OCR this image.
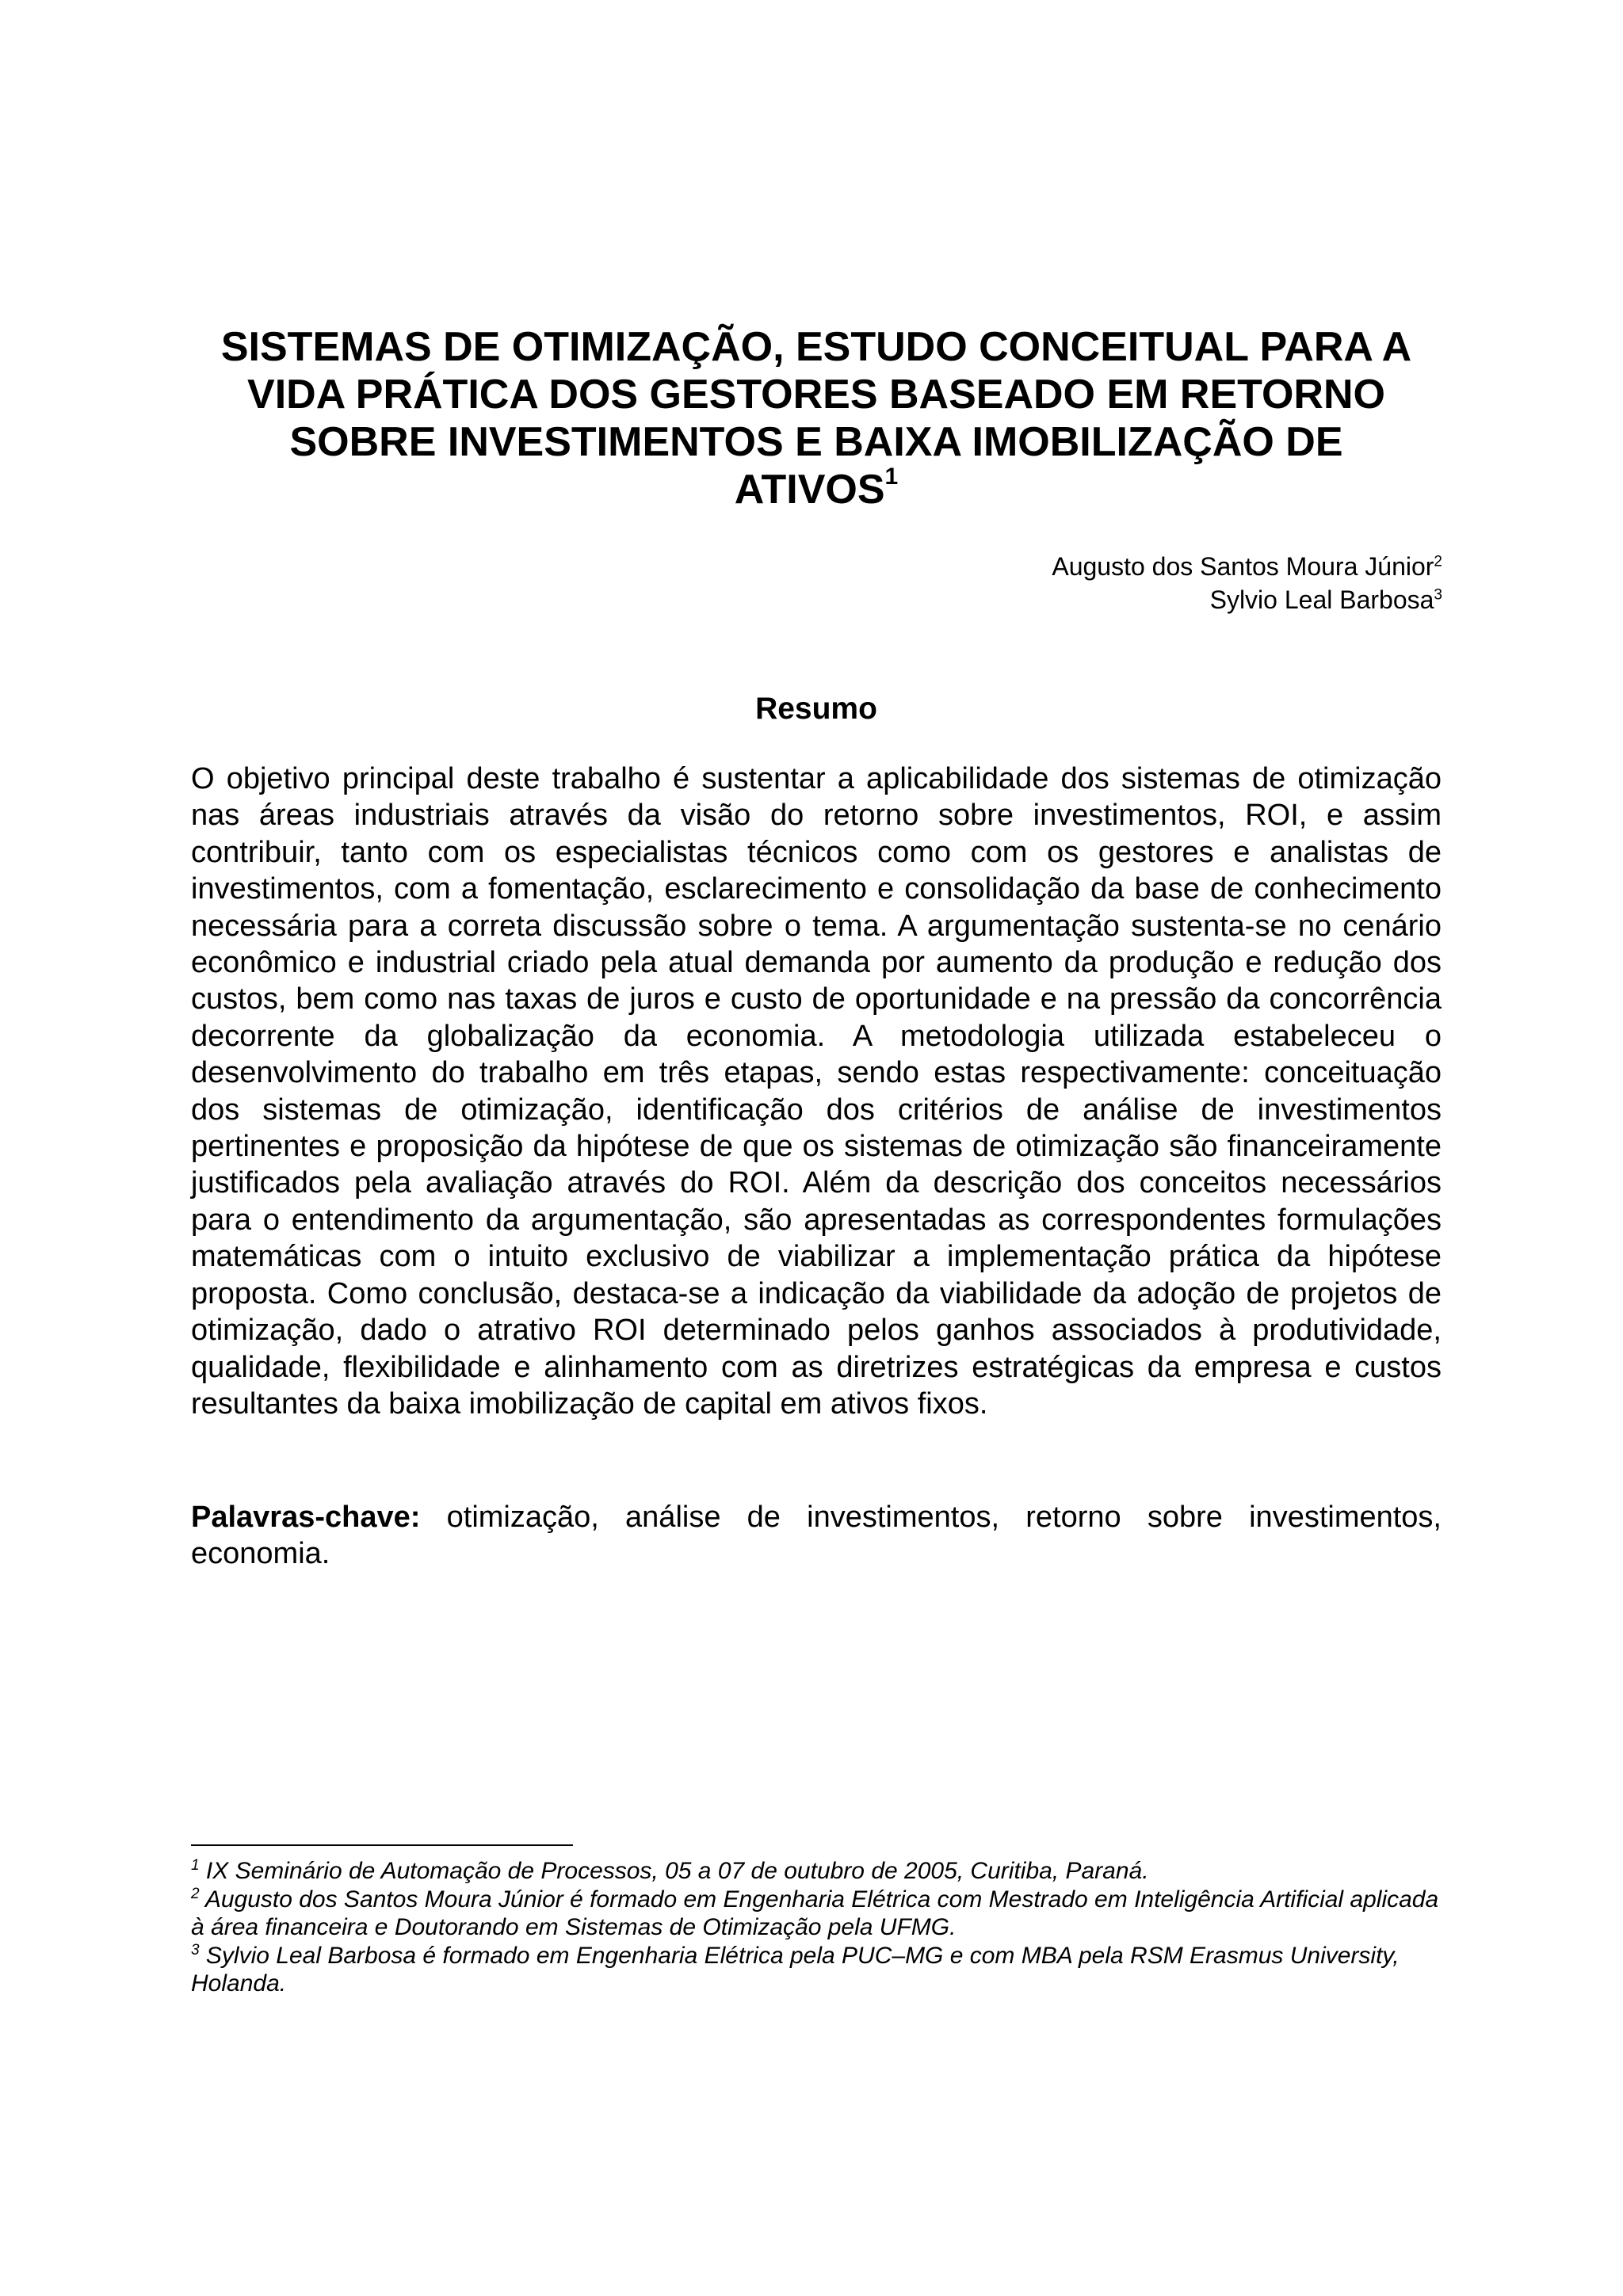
SISTEMAS DE OTIMIZAÇÃO, ESTUDO CONCEITUAL PARA A
VIDA PRÁTICA DOS GESTORES BASEADO EM RETORNO
SOBRE INVESTIMENTOS E BAIXA IMOBILIZAÇÃO DE
ATIVOS$^1$
Augusto dos Santos Moura Júnior$^2$
Sylvio Leal Barbosa$^3$
Resumo

O objetivo principal deste trabalho é sustentar a aplicabilidade dos sistemas de otimização nas áreas industriais através da visão do retorno sobre investimentos, ROI, e assim contribuir, tanto com os especialistas técnicos como com os gestores e analistas de investimentos, com a fomentação, esclarecimento e consolidação da base de conhecimento necessária para a correta discussão sobre o tema. A argumentação sustenta-se no cenário econômico e industrial criado pela atual demanda por aumento da produção e redução dos custos, bem como nas taxas de juros e custo de oportunidade e na pressão da concorrência decorrente da globalização da economia. A metodologia utilizada estabeleceu o desenvolvimento do trabalho em três etapas, sendo estas respectivamente: conceituação dos sistemas de otimização, identificação dos critérios de análise de investimentos pertinentes e proposição da hipótese de que os sistemas de otimização são financeiramente justificados pela avaliação através do ROI. Além da descrição dos conceitos necessários para o entendimento da argumentação, são apresentadas as correspondentes formulações matemáticas com o intuito exclusivo de viabilizar a implementação prática da hipótese proposta. Como conclusão, destaca-se a indicação da viabilidade da adoção de projetos de otimização, dado o atrativo ROI determinado pelos ganhos associados à produtividade, qualidade, flexibilidade e alinhamento com as diretrizes estratégicas da empresa e custos resultantes da baixa imobilização de capital em ativos fixos.

Palavras-chave: otimização, análise de investimentos, retorno sobre investimentos, economia.

$^1$ IX Seminário de Automação de Processos, 05 a 07 de outubro de 2005, Curitiba, Paraná.

$^2$ Augusto dos Santos Moura Júnior é formado em Engenharia Elétrica com Mestrado em Inteligência Artificial aplicada à área financeira e Doutorando em Sistemas de Otimização pela UFMG.

$^3$ Sylvio Leal Barbosa é formado em Engenharia Elétrica pela PUC–MG e com MBA pela RSM Erasmus University, Holanda.
